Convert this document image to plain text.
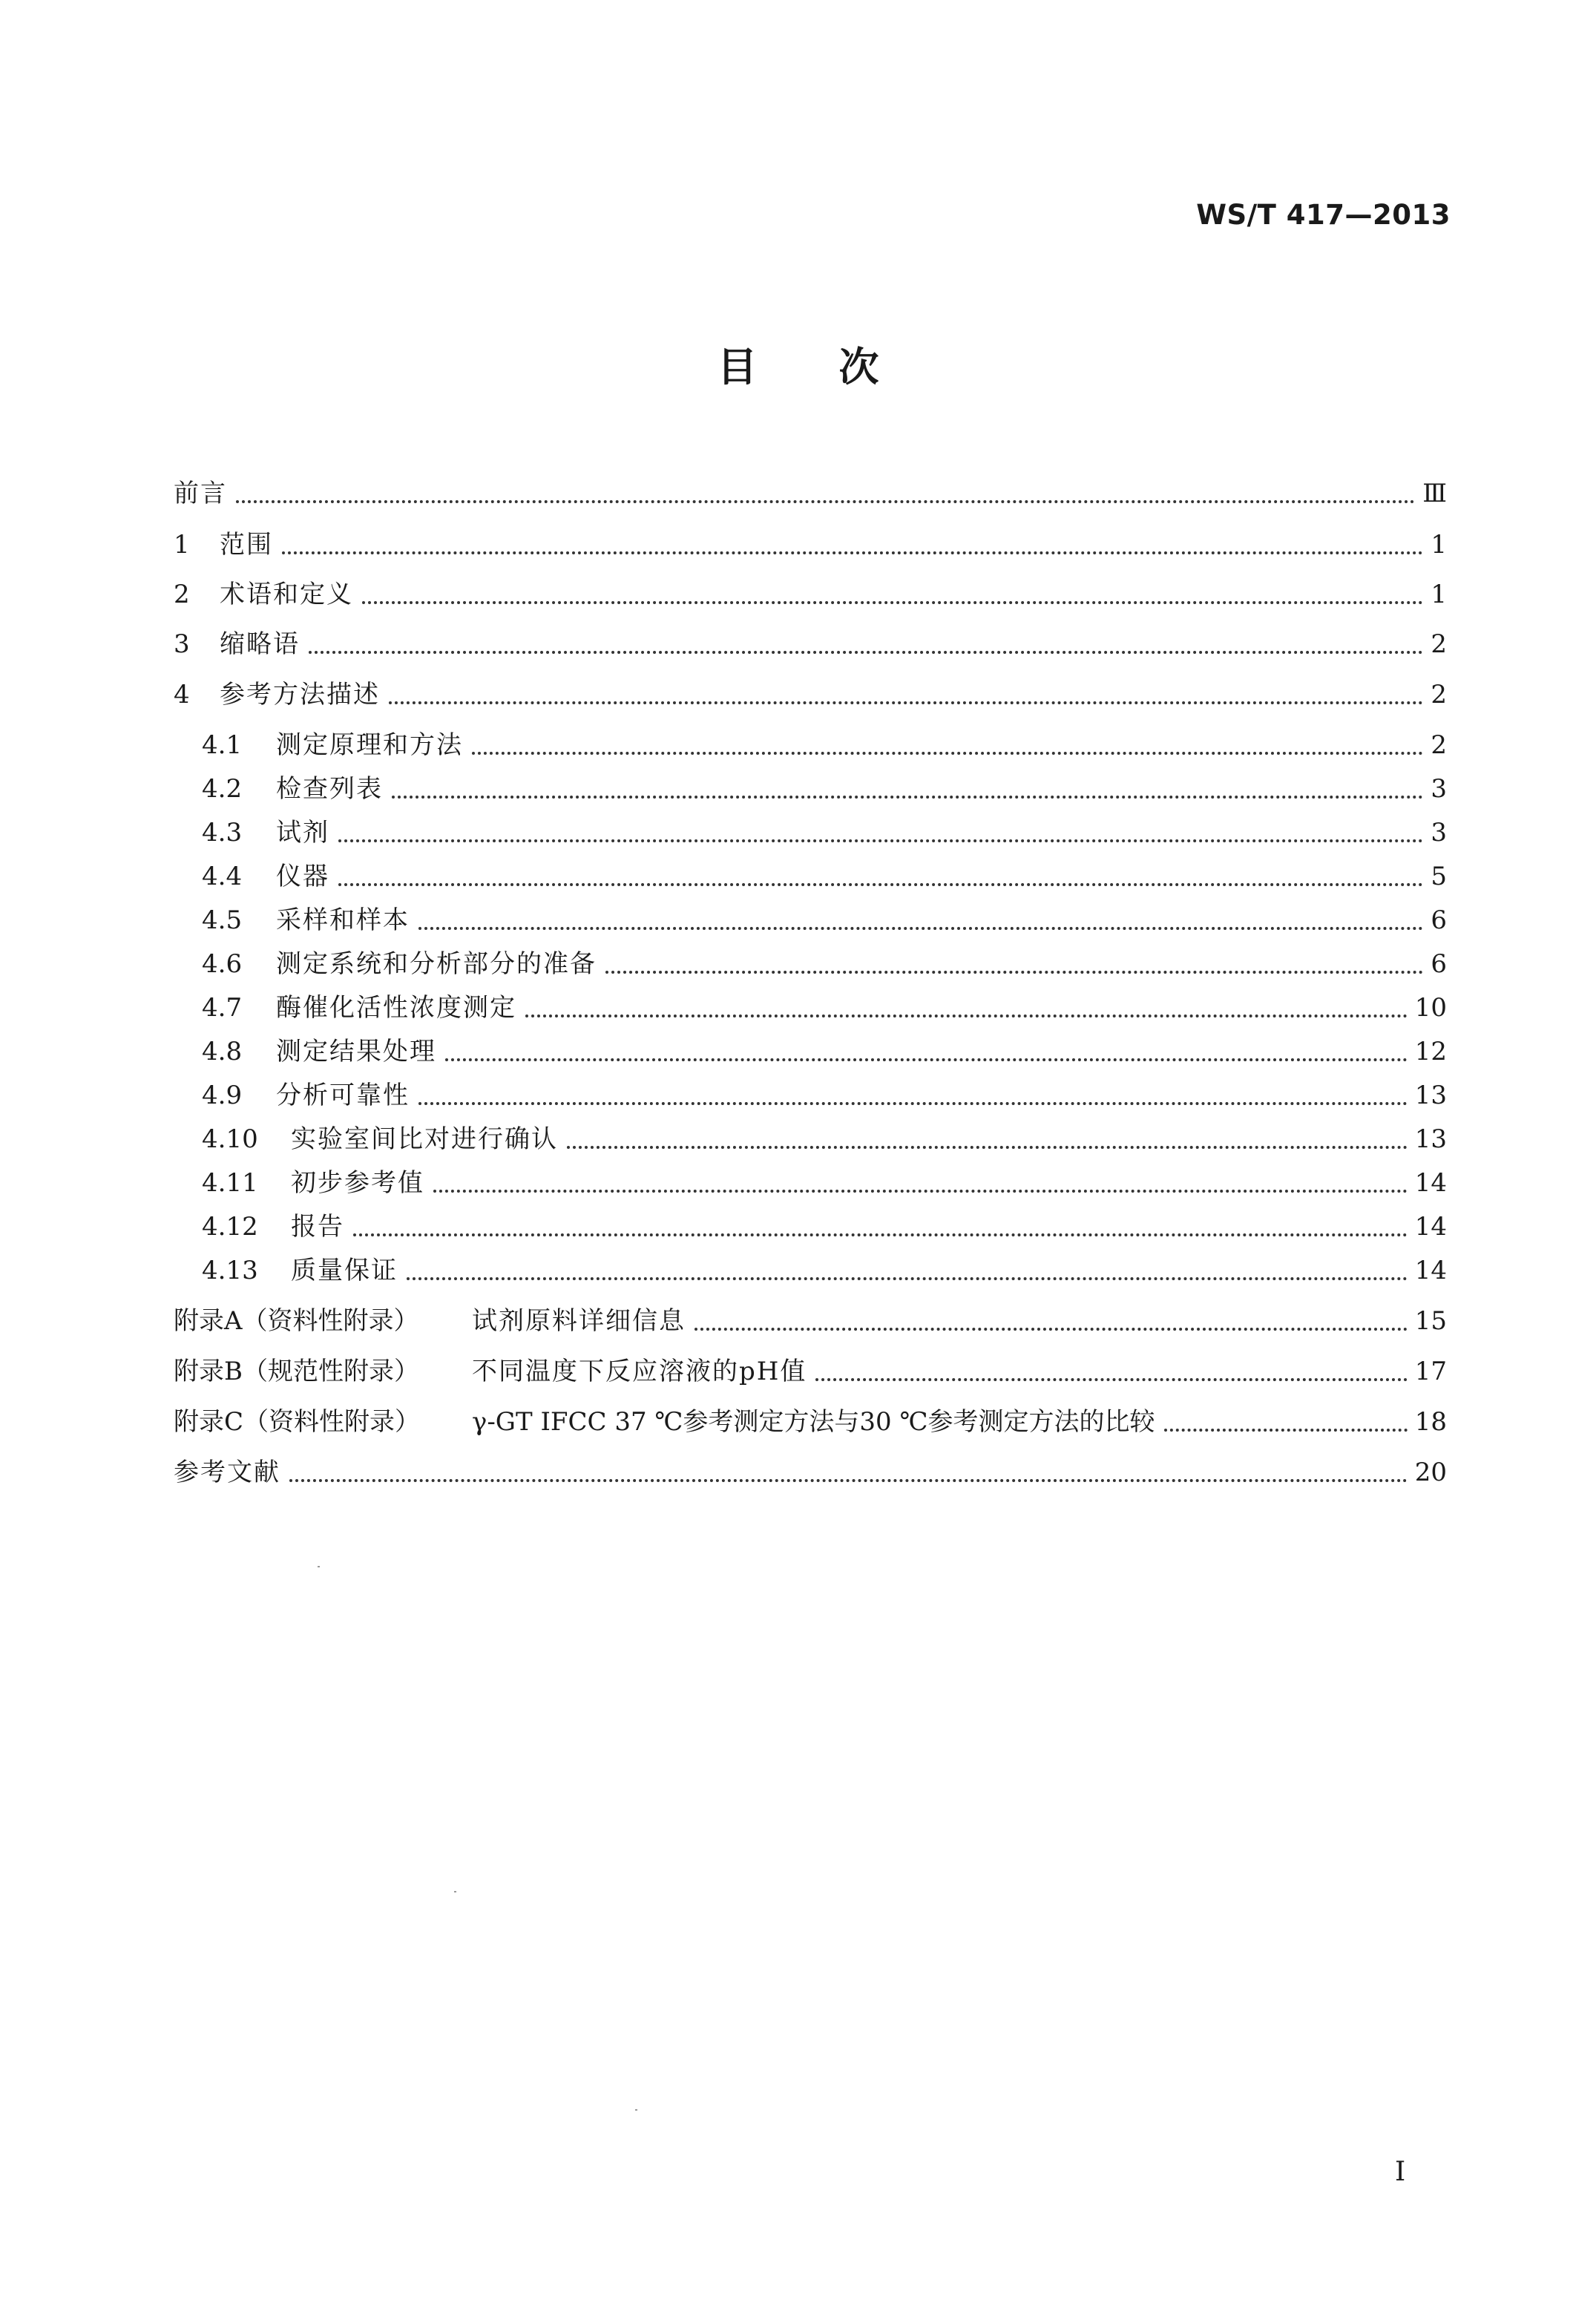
WS/T 417—2013
目次
前言	Ⅲ
1	范围	1
2	术语和定义	1
3	缩略语	2
4	参考方法描述	2
4.1	测定原理和方法	2
4.2	检查列表	3
4.3	试剂	3
4.4	仪器	5
4.5	采样和样本	6
4.6	测定系统和分析部分的准备	6
4.7	酶催化活性浓度测定	10
4.8	测定结果处理	12
4.9	分析可靠性	13
4.10	实验室间比对进行确认	13
4.11	初步参考值	14
4.12	报告	14
4.13	质量保证	14
附录A（资料性附录）	试剂原料详细信息	15
附录B（规范性附录）	不同温度下反应溶液的pH值	17
附录C（资料性附录）	γ-GT IFCC 37 ℃参考测定方法与30 ℃参考测定方法的比较	18
参考文献	20
I
